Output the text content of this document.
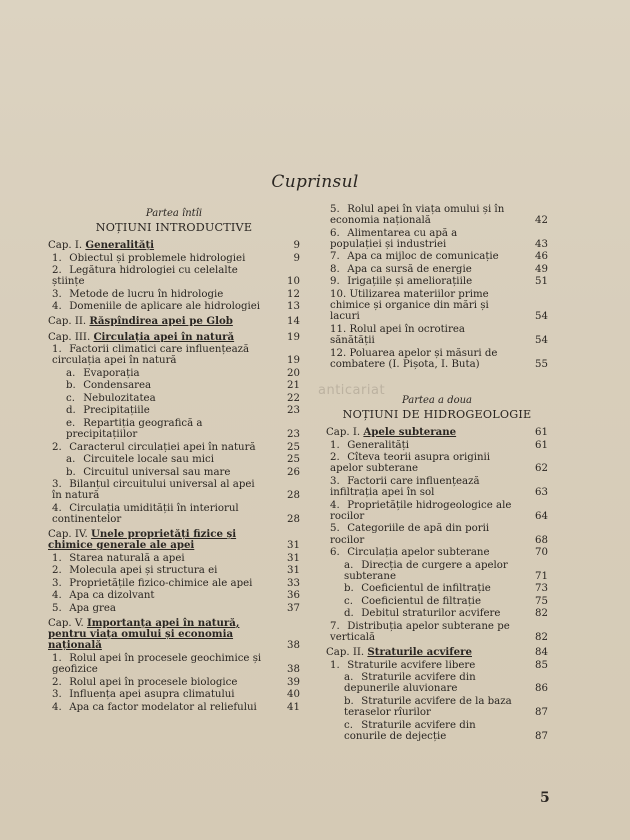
Cuprinsul
Partea întîi
NOȚIUNI INTRODUCTIVE
Cap. I. Generalități	9
1. Obiectul și problemele hidrologiei	9
2. Legătura hidrologiei cu celelalte științe	10
3. Metode de lucru în hidrologie	12
4. Domeniile de aplicare ale hidrologiei	13
Cap. II. Răspîndirea apei pe Glob	14
Cap. III. Circulația apei în natură	19
1. Factorii climatici care influențează circulația apei în natură	19
a. Evaporația	20
b. Condensarea	21
c. Nebulozitatea	22
d. Precipitațiile	23
e. Repartiția geografică a precipitațiilor	23
2. Caracterul circulației apei în natură	25
a. Circuitele locale sau mici	25
b. Circuitul universal sau mare	26
3. Bilanțul circuitului universal al apei în natură	28
4. Circulația umidității în interiorul continentelor	28
Cap. IV. Unele proprietăți fizice și chimice generale ale apei	31
1. Starea naturală a apei	31
2. Molecula apei și structura ei	31
3. Proprietățile fizico-chimice ale apei	33
4. Apa ca dizolvant	36
5. Apa grea	37
Cap. V. Importanța apei în natură, pentru viața omului și economia națională	38
1. Rolul apei în procesele geochimice și geofizice	38
2. Rolul apei în procesele biologice	39
3. Influența apei asupra climatului	40
4. Apa ca factor modelator al reliefului	41
5. Rolul apei în viața omului și în economia națională	42
6. Alimentarea cu apă a populației și industriei	43
7. Apa ca mijloc de comunicație	46
8. Apa ca sursă de energie	49
9. Irigațiile și ameliorațiile	51
10. Utilizarea materiilor prime chimice și organice din mări și lacuri	54
11. Rolul apei în ocrotirea sănătății	54
12. Poluarea apelor și măsuri de combatere (I. Pișota, I. Buta)	55
Partea a doua
NOȚIUNI DE HIDROGEOLOGIE
Cap. I. Apele subterane	61
1. Generalități	61
2. Cîteva teorii asupra originii apelor subterane	62
3. Factorii care influențează infiltrația apei în sol	63
4. Proprietățile hidrogeologice ale rocilor	64
5. Categoriile de apă din porii rocilor	68
6. Circulația apelor subterane	70
a. Direcția de curgere a apelor subterane	71
b. Coeficientul de infiltrație	73
c. Coeficientul de filtrație	75
d. Debitul straturilor acvifere	82
7. Distribuția apelor subterane pe verticală	82
Cap. II. Straturile acvifere	84
1. Straturile acvifere libere	85
a. Straturile acvifere din depunerile aluvionare	86
b. Straturile acvifere de la baza teraselor rîurilor	87
c. Straturile acvifere din conurile de dejecție	87
anticariat
5
